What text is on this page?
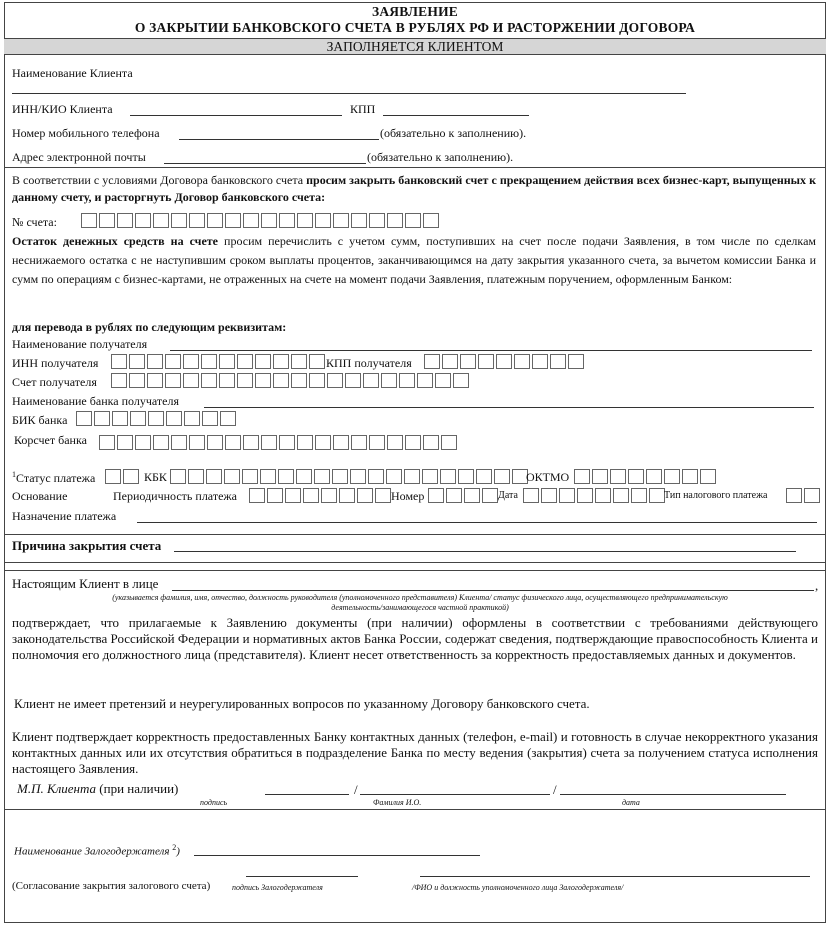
ЗАЯВЛЕНИЕ
О ЗАКРЫТИИ БАНКОВСКОГО СЧЕТА В РУБЛЯХ РФ И РАСТОРЖЕНИИ ДОГОВОРА
ЗАПОЛНЯЕТСЯ КЛИЕНТОМ
Наименование Клиента
ИНН/КИО Клиента	КПП
Номер мобильного телефона	(обязательно к заполнению).
Адрес электронной почты	(обязательно к заполнению).
В соответствии с условиями Договора банковского счета просим закрыть банковский счет с прекращением действия всех бизнес-карт, выпущенных к данному счету, и расторгнуть Договор банковского счета:
№ счета:
Остаток денежных средств на счете просим перечислить с учетом сумм, поступивших на счет после подачи Заявления, в том числе по сделкам неснижаемого остатка с не наступившим сроком выплаты процентов, заканчивающимся на дату закрытия указанного счета, за вычетом комиссии Банка и сумм по операциям с бизнес-картами, не отраженных на счете на момент подачи Заявления, платежным поручением, оформленным Банком:
для перевода в рублях по следующим реквизитам:
Наименование получателя
ИНН получателя	КПП получателя
Счет получателя
Наименование банка получателя
БИК банка
Корсчет банка
$^1$Статус платежа	КБК	ОКТМО
Основание	Периодичность платежа	Номер	Дата	Тип налогового платежа
Назначение платежа
Причина закрытия счета
Настоящим Клиент в лице	,
(указывается фамилия, имя, отчество, должность руководителя (уполномоченного представителя) Клиента/ статус физического лица, осуществляющего предпринимательскую
деятельность/занимающегося частной практикой)
подтверждает, что прилагаемые к Заявлению документы (при наличии) оформлены в соответствии с требованиями действующего законодательства Российской Федерации и нормативных актов Банка России, содержат сведения, подтверждающие правоспособность Клиента и полномочия его должностного лица (представителя). Клиент несет ответственность за корректность предоставляемых данных и документов.
Клиент не имеет претензий и неурегулированных вопросов по указанному Договору банковского счета.
Клиент подтверждает корректность предоставленных Банку контактных данных (телефон, e-mail) и готовность в случае некорректного указания контактных данных или их отсутствия обратиться в подразделение Банка по месту ведения (закрытия) счета за получением статуса исполнения настоящего Заявления.
М.П. Клиента (при наличии)	/	/
подпись	Фамилия И.О.	дата
Наименование Залогодержателя $^2$)
(Согласование закрытия залогового счета)	подпись Залогодержателя	/ФИО и должность уполномоченного лица Залогодержателя/
